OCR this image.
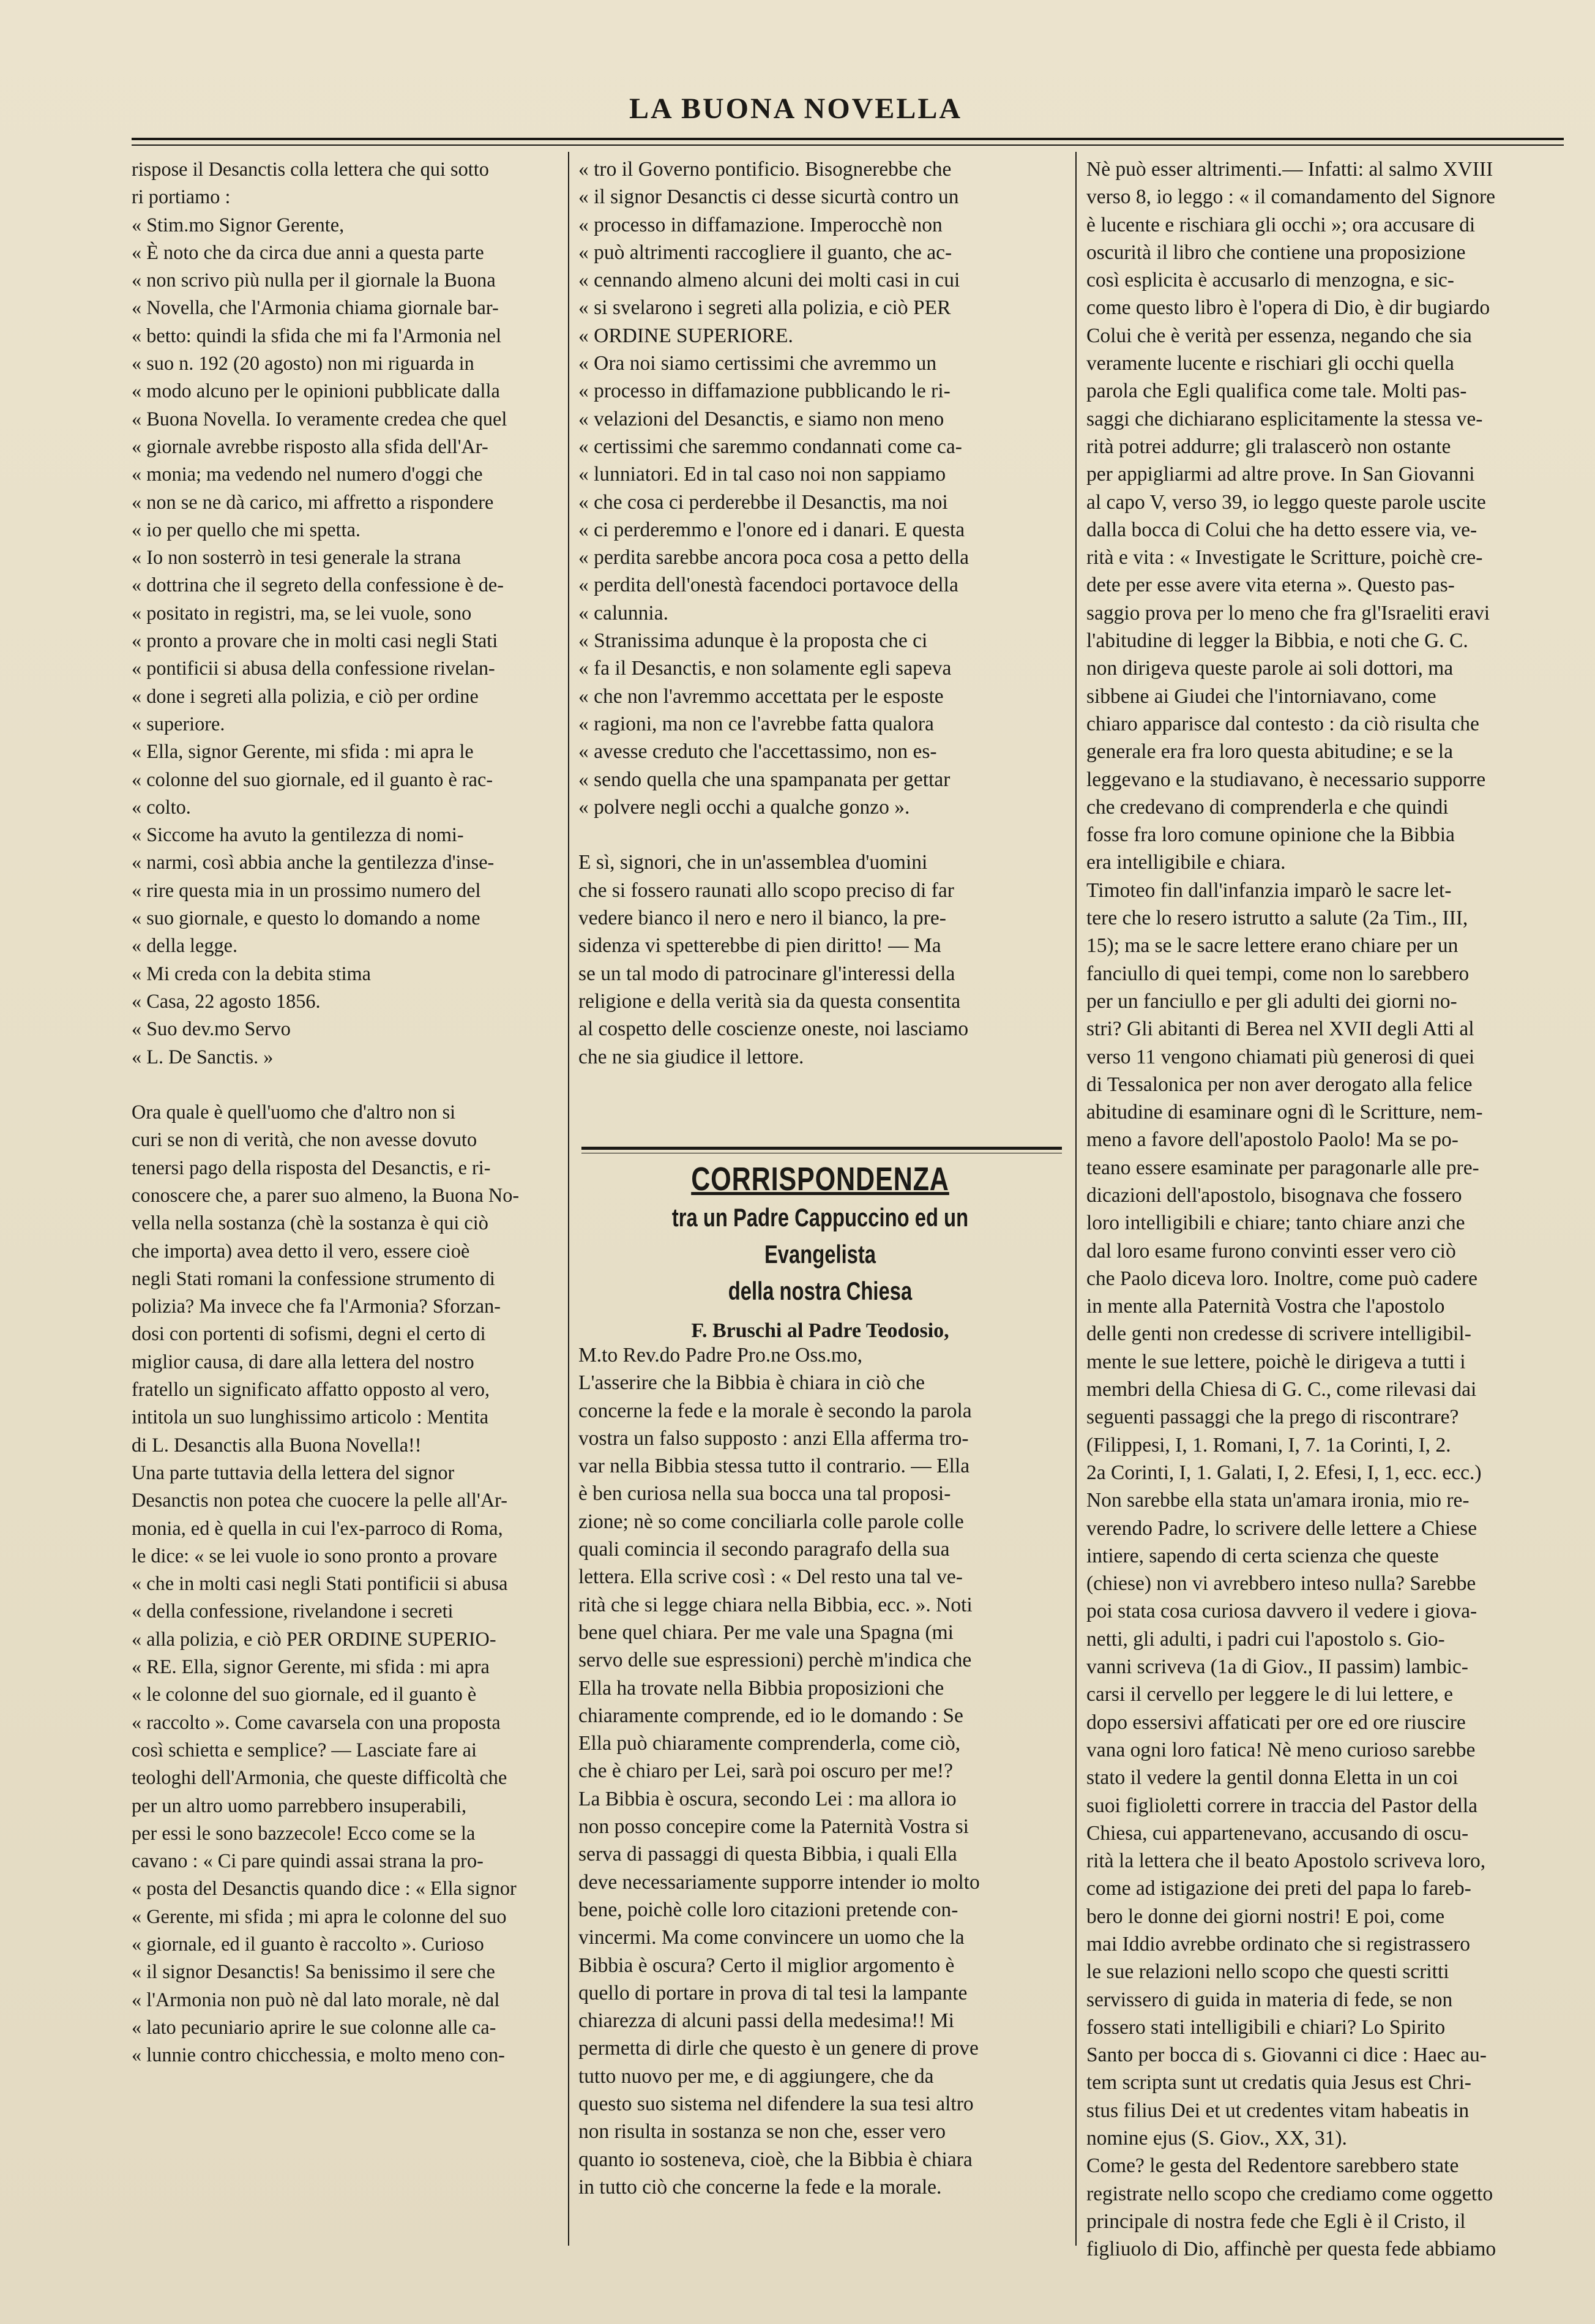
LA BUONA NOVELLA
rispose il Desanctis colla lettera che qui sotto
ri portiamo :
« Stim.mo Signor Gerente,
« È noto che da circa due anni a questa parte
« non scrivo più nulla per il giornale la Buona
« Novella, che l'Armonia chiama giornale bar-
« betto: quindi la sfida che mi fa l'Armonia nel
« suo n. 192 (20 agosto) non mi riguarda in
« modo alcuno per le opinioni pubblicate dalla
« Buona Novella. Io veramente credea che quel
« giornale avrebbe risposto alla sfida dell'Ar-
« monia; ma vedendo nel numero d'oggi che
« non se ne dà carico, mi affretto a rispondere
« io per quello che mi spetta.
« Io non sosterrò in tesi generale la strana
« dottrina che il segreto della confessione è de-
« positato in registri, ma, se lei vuole, sono
« pronto a provare che in molti casi negli Stati
« pontificii si abusa della confessione rivelan-
« done i segreti alla polizia, e ciò per ordine
« superiore.
« Ella, signor Gerente, mi sfida : mi apra le
« colonne del suo giornale, ed il guanto è rac-
« colto.
« Siccome ha avuto la gentilezza di nomi-
« narmi, così abbia anche la gentilezza d'inse-
« rire questa mia in un prossimo numero del
« suo giornale, e questo lo domando a nome
« della legge.
« Mi creda con la debita stima
« Casa, 22 agosto 1856.
« Suo dev.mo Servo
« L. De Sanctis. »
Ora quale è quell'uomo che d'altro non si
curi se non di verità, che non avesse dovuto
tenersi pago della risposta del Desanctis, e ri-
conoscere che, a parer suo almeno, la Buona No-
vella nella sostanza (chè la sostanza è qui ciò
che importa) avea detto il vero, essere cioè
negli Stati romani la confessione strumento di
polizia? Ma invece che fa l'Armonia? Sforzan-
dosi con portenti di sofismi, degni el certo di
miglior causa, di dare alla lettera del nostro
fratello un significato affatto opposto al vero,
intitola un suo lunghissimo articolo : Mentita
di L. Desanctis alla Buona Novella!!
Una parte tuttavia della lettera del signor
Desanctis non potea che cuocere la pelle all'Ar-
monia, ed è quella in cui l'ex-parroco di Roma,
le dice: « se lei vuole io sono pronto a provare
« che in molti casi negli Stati pontificii si abusa
« della confessione, rivelandone i secreti
« alla polizia, e ciò PER ORDINE SUPERIO-
« RE. Ella, signor Gerente, mi sfida : mi apra
« le colonne del suo giornale, ed il guanto è
« raccolto ». Come cavarsela con una proposta
così schietta e semplice? — Lasciate fare ai
teologhi dell'Armonia, che queste difficoltà che
per un altro uomo parrebbero insuperabili,
per essi le sono bazzecole! Ecco come se la
cavano : « Ci pare quindi assai strana la pro-
« posta del Desanctis quando dice : « Ella signor
« Gerente, mi sfida ; mi apra le colonne del suo
« giornale, ed il guanto è raccolto ». Curioso
« il signor Desanctis! Sa benissimo il sere che
« l'Armonia non può nè dal lato morale, nè dal
« lato pecuniario aprire le sue colonne alle ca-
« lunnie contro chicchessia, e molto meno con-
« tro il Governo pontificio. Bisognerebbe che
« il signor Desanctis ci desse sicurtà contro un
« processo in diffamazione. Imperocchè non
« può altrimenti raccogliere il guanto, che ac-
« cennando almeno alcuni dei molti casi in cui
« si svelarono i segreti alla polizia, e ciò PER
« ORDINE SUPERIORE.
« Ora noi siamo certissimi che avremmo un
« processo in diffamazione pubblicando le ri-
« velazioni del Desanctis, e siamo non meno
« certissimi che saremmo condannati come ca-
« lunniatori. Ed in tal caso noi non sappiamo
« che cosa ci perderebbe il Desanctis, ma noi
« ci perderemmo e l'onore ed i danari. E questa
« perdita sarebbe ancora poca cosa a petto della
« perdita dell'onestà facendoci portavoce della
« calunnia.
« Stranissima adunque è la proposta che ci
« fa il Desanctis, e non solamente egli sapeva
« che non l'avremmo accettata per le esposte
« ragioni, ma non ce l'avrebbe fatta qualora
« avesse creduto che l'accettassimo, non es-
« sendo quella che una spampanata per gettar
« polvere negli occhi a qualche gonzo ».
E sì, signori, che in un'assemblea d'uomini
che si fossero raunati allo scopo preciso di far
vedere bianco il nero e nero il bianco, la pre-
sidenza vi spetterebbe di pien diritto! — Ma
se un tal modo di patrocinare gl'interessi della
religione e della verità sia da questa consentita
al cospetto delle coscienze oneste, noi lasciamo
che ne sia giudice il lettore.
CORRISPONDENZA
tra un Padre Cappuccino ed un Evangelista
della nostra Chiesa
F. Bruschi al Padre Teodosio,
M.to Rev.do Padre Pro.ne Oss.mo,
L'asserire che la Bibbia è chiara in ciò che
concerne la fede e la morale è secondo la parola
vostra un falso supposto : anzi Ella afferma tro-
var nella Bibbia stessa tutto il contrario. — Ella
è ben curiosa nella sua bocca una tal proposi-
zione; nè so come conciliarla colle parole colle
quali comincia il secondo paragrafo della sua
lettera. Ella scrive così : « Del resto una tal ve-
rità che si legge chiara nella Bibbia, ecc. ». Noti
bene quel chiara. Per me vale una Spagna (mi
servo delle sue espressioni) perchè m'indica che
Ella ha trovate nella Bibbia proposizioni che
chiaramente comprende, ed io le domando : Se
Ella può chiaramente comprenderla, come ciò,
che è chiaro per Lei, sarà poi oscuro per me!?
La Bibbia è oscura, secondo Lei : ma allora io
non posso concepire come la Paternità Vostra si
serva di passaggi di questa Bibbia, i quali Ella
deve necessariamente supporre intender io molto
bene, poichè colle loro citazioni pretende con-
vincermi. Ma come convincere un uomo che la
Bibbia è oscura? Certo il miglior argomento è
quello di portare in prova di tal tesi la lampante
chiarezza di alcuni passi della medesima!! Mi
permetta di dirle che questo è un genere di prove
tutto nuovo per me, e di aggiungere, che da
questo suo sistema nel difendere la sua tesi altro
non risulta in sostanza se non che, esser vero
quanto io sosteneva, cioè, che la Bibbia è chiara
in tutto ciò che concerne la fede e la morale.
Nè può esser altrimenti.— Infatti: al salmo XVIII
verso 8, io leggo : « il comandamento del Signore
è lucente e rischiara gli occhi »; ora accusare di
oscurità il libro che contiene una proposizione
così esplicita è accusarlo di menzogna, e sic-
come questo libro è l'opera di Dio, è dir bugiardo
Colui che è verità per essenza, negando che sia
veramente lucente e rischiari gli occhi quella
parola che Egli qualifica come tale. Molti pas-
saggi che dichiarano esplicitamente la stessa ve-
rità potrei addurre; gli tralascerò non ostante
per appigliarmi ad altre prove. In San Giovanni
al capo V, verso 39, io leggo queste parole uscite
dalla bocca di Colui che ha detto essere via, ve-
rità e vita : « Investigate le Scritture, poichè cre-
dete per esse avere vita eterna ». Questo pas-
saggio prova per lo meno che fra gl'Israeliti eravi
l'abitudine di legger la Bibbia, e noti che G. C.
non dirigeva queste parole ai soli dottori, ma
sibbene ai Giudei che l'intorniavano, come
chiaro apparisce dal contesto : da ciò risulta che
generale era fra loro questa abitudine; e se la
leggevano e la studiavano, è necessario supporre
che credevano di comprenderla e che quindi
fosse fra loro comune opinione che la Bibbia
era intelligibile e chiara.
Timoteo fin dall'infanzia imparò le sacre let-
tere che lo resero istrutto a salute (2a Tim., III,
15); ma se le sacre lettere erano chiare per un
fanciullo di quei tempi, come non lo sarebbero
per un fanciullo e per gli adulti dei giorni no-
stri? Gli abitanti di Berea nel XVII degli Atti al
verso 11 vengono chiamati più generosi di quei
di Tessalonica per non aver derogato alla felice
abitudine di esaminare ogni dì le Scritture, nem-
meno a favore dell'apostolo Paolo! Ma se po-
teano essere esaminate per paragonarle alle pre-
dicazioni dell'apostolo, bisognava che fossero
loro intelligibili e chiare; tanto chiare anzi che
dal loro esame furono convinti esser vero ciò
che Paolo diceva loro. Inoltre, come può cadere
in mente alla Paternità Vostra che l'apostolo
delle genti non credesse di scrivere intelligibil-
mente le sue lettere, poichè le dirigeva a tutti i
membri della Chiesa di G. C., come rilevasi dai
seguenti passaggi che la prego di riscontrare?
(Filippesi, I, 1. Romani, I, 7. 1a Corinti, I, 2.
2a Corinti, I, 1. Galati, I, 2. Efesi, I, 1, ecc. ecc.)
Non sarebbe ella stata un'amara ironia, mio re-
verendo Padre, lo scrivere delle lettere a Chiese
intiere, sapendo di certa scienza che queste
(chiese) non vi avrebbero inteso nulla? Sarebbe
poi stata cosa curiosa davvero il vedere i giova-
netti, gli adulti, i padri cui l'apostolo s. Gio-
vanni scriveva (1a di Giov., II passim) lambic-
carsi il cervello per leggere le di lui lettere, e
dopo essersivi affaticati per ore ed ore riuscire
vana ogni loro fatica! Nè meno curioso sarebbe
stato il vedere la gentil donna Eletta in un coi
suoi figlioletti correre in traccia del Pastor della
Chiesa, cui appartenevano, accusando di oscu-
rità la lettera che il beato Apostolo scriveva loro,
come ad istigazione dei preti del papa lo fareb-
bero le donne dei giorni nostri! E poi, come
mai Iddio avrebbe ordinato che si registrassero
le sue relazioni nello scopo che questi scritti
servissero di guida in materia di fede, se non
fossero stati intelligibili e chiari? Lo Spirito
Santo per bocca di s. Giovanni ci dice : Haec au-
tem scripta sunt ut credatis quia Jesus est Chri-
stus filius Dei et ut credentes vitam habeatis in
nomine ejus (S. Giov., XX, 31).
Come? le gesta del Redentore sarebbero state
registrate nello scopo che crediamo come oggetto
principale di nostra fede che Egli è il Cristo, il
figliuolo di Dio, affinchè per questa fede abbiamo
